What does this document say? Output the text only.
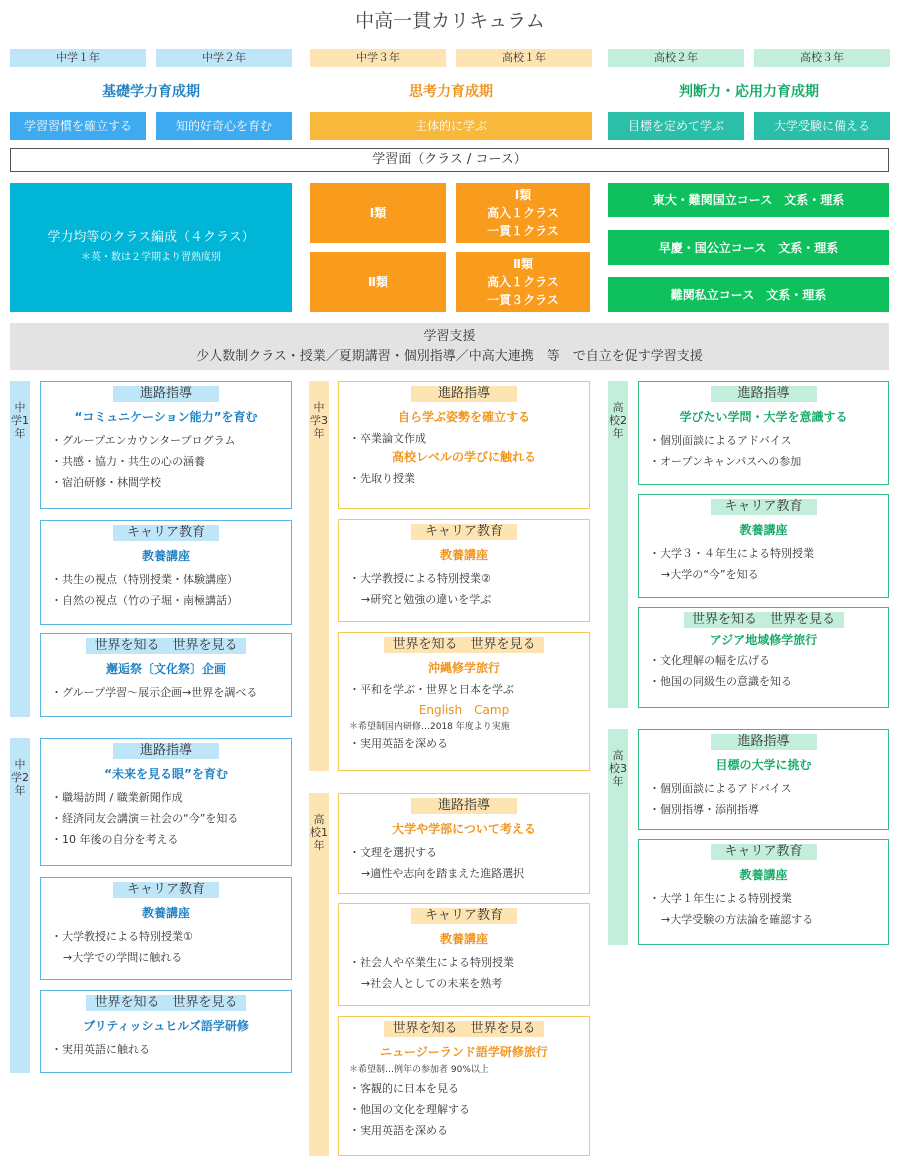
中高一貫カリキュラム
中学１年	中学２年	中学３年	高校１年	高校２年	高校３年
基礎学力育成期	思考力育成期	判断力・応用力育成期
学習習慣を確立する	知的好奇心を育む	主体的に学ぶ	目標を定めて学ぶ	大学受験に備える
学習面（クラス / コース）
学力均等のクラス編成（４クラス）
＊英・数は２学期より習熟度別
Ⅰ類
Ⅰ類
高入１クラス
一貫１クラス
Ⅱ類
Ⅱ類
高入１クラス
一貫３クラス
東大・難関国立コース　文系・理系
早慶・国公立コース　文系・理系
難関私立コース　文系・理系
学習支援
少人数制クラス・授業／夏期講習・個別指導／中高大連携　等　で自立を促す学習支援
中学1年
中学2年
中学3年
高校1年
高校2年
高校3年
進路指導
“コミュニケーション能力”を育む
・グループエンカウンタープログラム
・共感・協力・共生の心の涵養
・宿泊研修・林間学校
キャリア教育
教養講座
・共生の視点（特別授業・体験講座）
・自然の視点（竹の子堀・南極講話）
世界を知る　世界を見る
邂逅祭〔文化祭〕企画
・グループ学習～展示企画→世界を調べる
進路指導
“未来を見る眼”を育む
・職場訪問 / 職業新聞作成
・経済同友会講演＝社会の“今”を知る
・10 年後の自分を考える
キャリア教育
教養講座
・大学教授による特別授業①
→大学での学問に触れる
世界を知る　世界を見る
ブリティッシュヒルズ語学研修
・実用英語に触れる
進路指導
自ら学ぶ姿勢を確立する
・卒業論文作成
高校レベルの学びに触れる
・先取り授業
キャリア教育
教養講座
・大学教授による特別授業②
→研究と勉強の違いを学ぶ
世界を知る　世界を見る
沖縄修学旅行
・平和を学ぶ・世界と日本を学ぶ
English　Camp
＊希望制国内研修…2018 年度より実施
・実用英語を深める
進路指導
大学や学部について考える
・文理を選択する
→適性や志向を踏まえた進路選択
キャリア教育
教養講座
・社会人や卒業生による特別授業
→社会人としての未来を熟考
世界を知る　世界を見る
ニュージーランド語学研修旅行
＊希望制…例年の参加者 90%以上
・客観的に日本を見る
・他国の文化を理解する
・実用英語を深める
進路指導
学びたい学問・大学を意識する
・個別面談によるアドバイス
・オープンキャンパスへの参加
キャリア教育
教養講座
・大学３・４年生による特別授業
→大学の“今”を知る
世界を知る　世界を見る
アジア地域修学旅行
・文化理解の幅を広げる
・他国の同級生の意識を知る
進路指導
目標の大学に挑む
・個別面談によるアドバイス
・個別指導・添削指導
キャリア教育
教養講座
・大学１年生による特別授業
→大学受験の方法論を確認する
